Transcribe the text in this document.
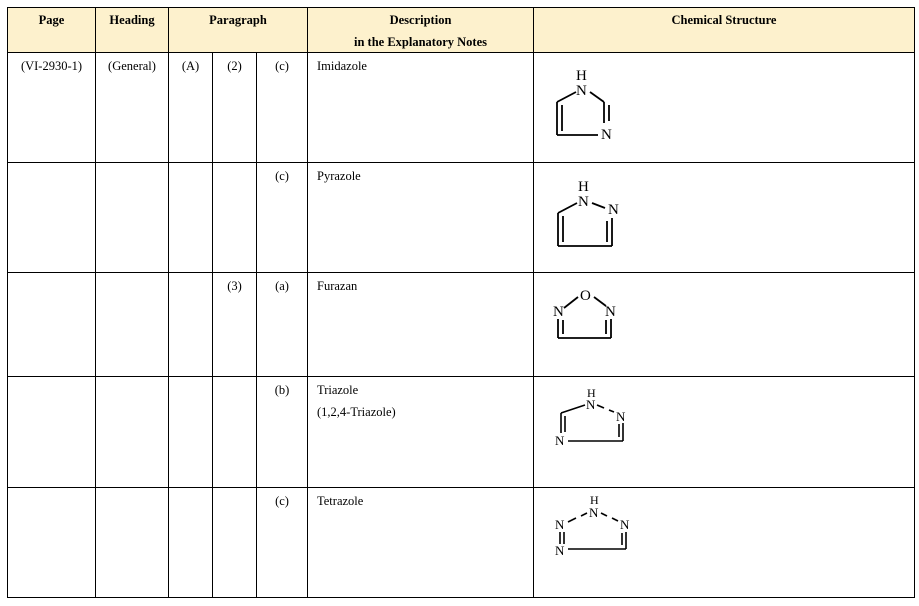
Page	Heading	Paragraph			Description
in the Explanatory Notes	Chemical Structure
(VI-2930-1)	(General)	(A)	(2)	(c)	Imidazole	H
N
N

				(c)	Pyrazole	H
N N

			(3)	(a)	Furazan	O
N N

				(b)	Triazole
(1,2,4-Triazole)	H
N
N
N

				(c)	Tetrazole	H
N
N
N
N
